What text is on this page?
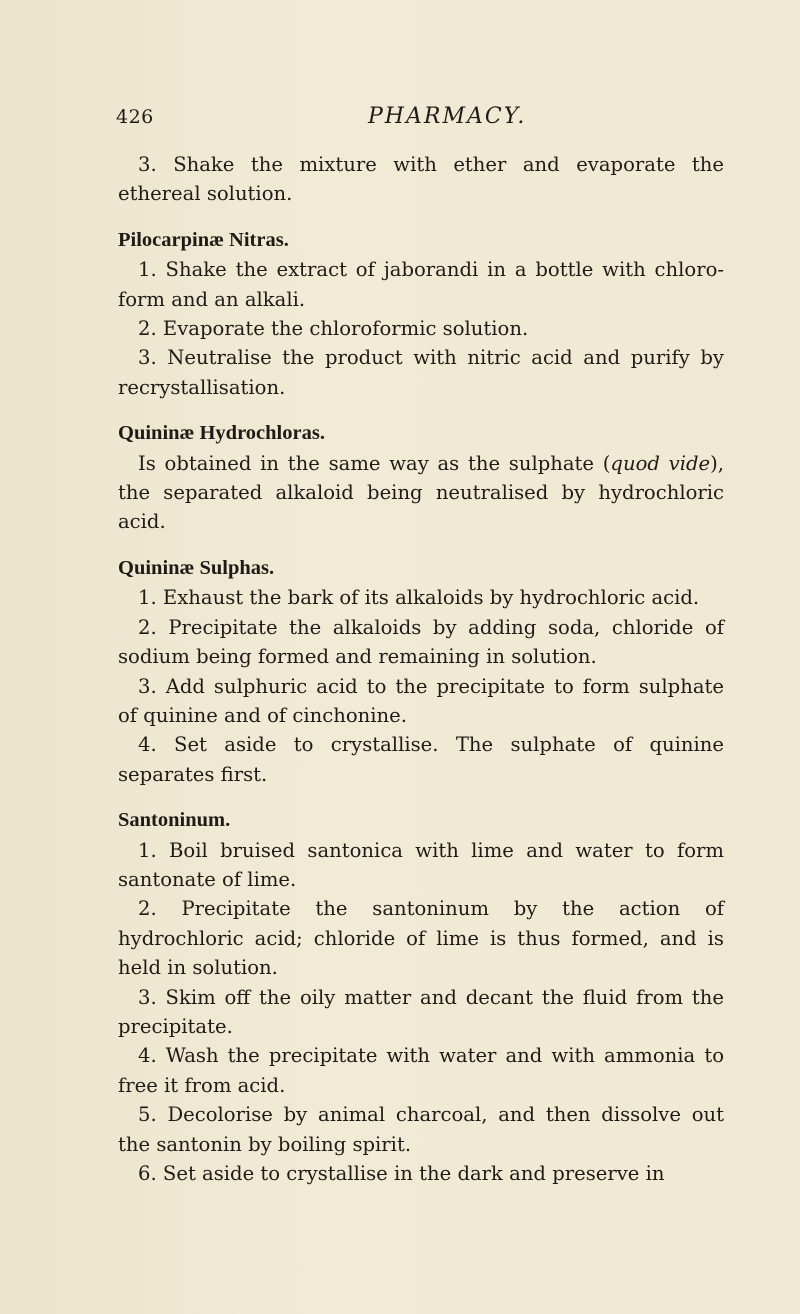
426	PHARMACY.

3. Shake the mixture with ether and evaporate the ethereal solution.

Pilocarpinæ Nitras.

1. Shake the extract of jaborandi in a bottle with chloro-form and an alkali.

2. Evaporate the chloroformic solution.

3. Neutralise the product with nitric acid and purify by recrystallisation.

Quininæ Hydrochloras.

Is obtained in the same way as the sulphate (quod vide), the separated alkaloid being neutralised by hydrochloric acid.

Quininæ Sulphas.

1. Exhaust the bark of its alkaloids by hydrochloric acid.

2. Precipitate the alkaloids by adding soda, chloride of sodium being formed and remaining in solution.

3. Add sulphuric acid to the precipitate to form sulphate of quinine and of cinchonine.

4. Set aside to crystallise. The sulphate of quinine separates first.

Santoninum.

1. Boil bruised santonica with lime and water to form santonate of lime.

2. Precipitate the santoninum by the action of hydrochloric acid; chloride of lime is thus formed, and is held in solution.

3. Skim off the oily matter and decant the fluid from the precipitate.

4. Wash the precipitate with water and with ammonia to free it from acid.

5. Decolorise by animal charcoal, and then dissolve out the santonin by boiling spirit.

6. Set aside to crystallise in the dark and preserve in
